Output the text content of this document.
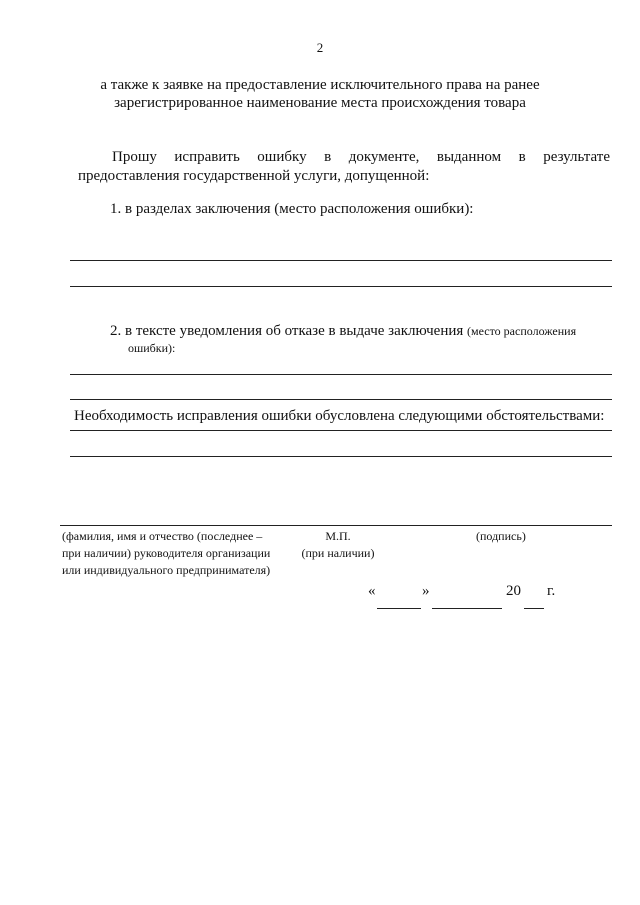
2
а также к заявке на предоставление исключительного права на ранее
зарегистрированное наименование места происхождения товара
Прошу исправить ошибку в документе, выданном в результате
предоставления государственной услуги, допущенной:
1. в разделах заключения (место расположения ошибки):
2. в тексте уведомления об отказе в выдаче заключения (место расположения
ошибки):
Необходимость исправления ошибки обусловлена следующими обстоятельствами:
(фамилия, имя и отчество (последнее –
при наличии) руководителя организации
или индивидуального предпринимателя)
М.П.
(при наличии)
(подпись)
«	»	20 г.
